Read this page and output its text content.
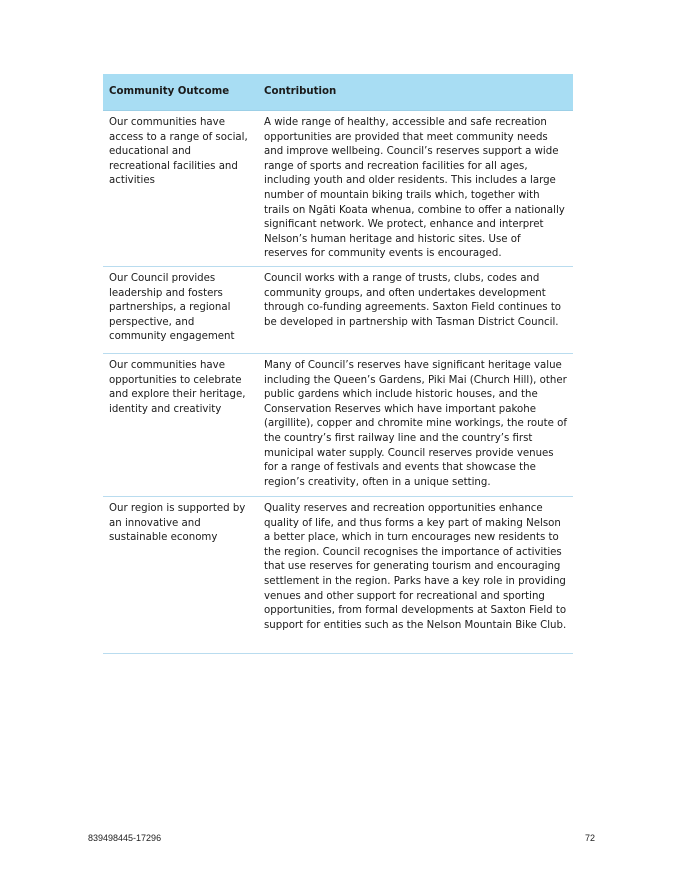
Community Outcome	Contribution
Our communities have access to a range of social, educational and recreational facilities and activities	A wide range of healthy, accessible and safe recreation opportunities are provided that meet community needs and improve wellbeing. Council’s reserves support a wide range of sports and recreation facilities for all ages, including youth and older residents. This includes a large number of mountain biking trails which, together with trails on Ngāti Koata whenua, combine to offer a nationally significant network. We protect, enhance and interpret Nelson’s human heritage and historic sites. Use of reserves for community events is encouraged.
Our Council provides leadership and fosters partnerships, a regional perspective, and community engagement	Council works with a range of trusts, clubs, codes and community groups, and often undertakes development through co-funding agreements. Saxton Field continues to be developed in partnership with Tasman District Council.
Our communities have opportunities to celebrate and explore their heritage, identity and creativity	Many of Council’s reserves have significant heritage value including the Queen’s Gardens, Piki Mai (Church Hill), other public gardens which include historic houses, and the Conservation Reserves which have important pakohe (argillite), copper and chromite mine workings, the route of the country’s first railway line and the country’s first municipal water supply. Council reserves provide venues for a range of festivals and events that showcase the region’s creativity, often in a unique setting.
Our region is supported by an innovative and sustainable economy	Quality reserves and recreation opportunities enhance quality of life, and thus forms a key part of making Nelson a better place, which in turn encourages new residents to the region. Council recognises the importance of activities that use reserves for generating tourism and encouraging settlement in the region. Parks have a key role in providing venues and other support for recreational and sporting opportunities, from formal developments at Saxton Field to support for entities such as the Nelson Mountain Bike Club.
839498445-17296	72
